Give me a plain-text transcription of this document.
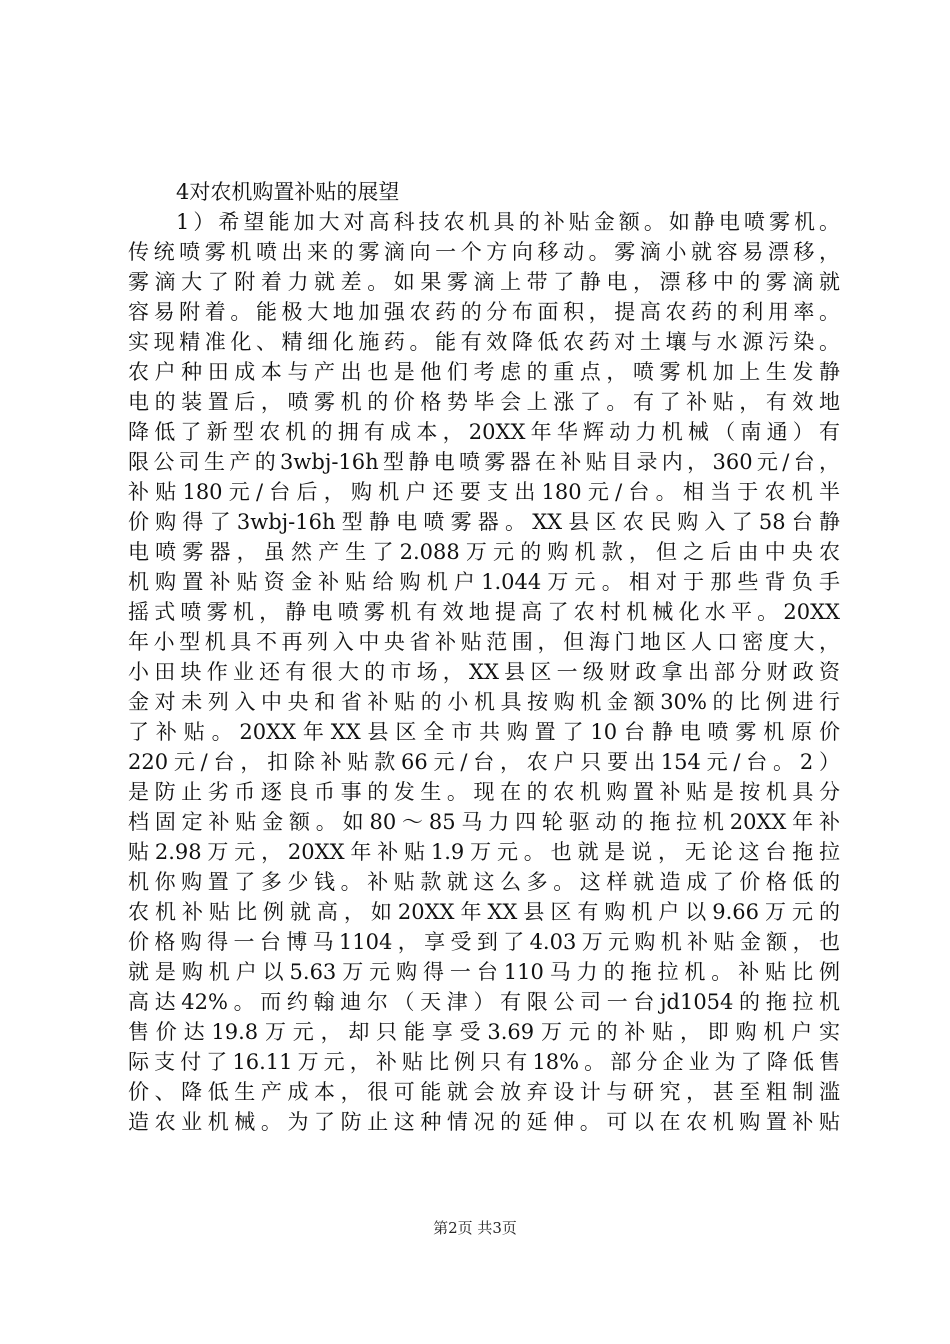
4对农机购置补贴的展望
1）希望能加大对高科技农机具的补贴金额。如静电喷雾机。
传统喷雾机喷出来的雾滴向一个方向移动。雾滴小就容易漂移，
雾滴大了附着力就差。如果雾滴上带了静电，漂移中的雾滴就
容易附着。能极大地加强农药的分布面积，提高农药的利用率。
实现精准化、精细化施药。能有效降低农药对土壤与水源污染。
农户种田成本与产出也是他们考虑的重点，喷雾机加上生发静
电的装置后，喷雾机的价格势毕会上涨了。有了补贴，有效地
降低了新型农机的拥有成本，20XX年华辉动力机械（南通）有
限公司生产的3wbj-16h型静电喷雾器在补贴目录内，360元/台，
补贴180元/台后，购机户还要支出180元/台。相当于农机半
价购得了3wbj-16h型静电喷雾器。XX县区农民购入了58台静
电喷雾器，虽然产生了2.088万元的购机款，但之后由中央农
机购置补贴资金补贴给购机户1.044万元。相对于那些背负手
摇式喷雾机，静电喷雾机有效地提高了农村机械化水平。20XX
年小型机具不再列入中央省补贴范围，但海门地区人口密度大，
小田块作业还有很大的市场，XX县区一级财政拿出部分财政资
金对未列入中央和省补贴的小机具按购机金额30%的比例进行
了补贴。20XX年XX县区全市共购置了10台静电喷雾机原价
220元/台，扣除补贴款66元/台，农户只要出154元/台。2）
是防止劣币逐良币事的发生。现在的农机购置补贴是按机具分
档固定补贴金额。如80～85马力四轮驱动的拖拉机20XX年补
贴2.98万元，20XX年补贴1.9万元。也就是说，无论这台拖拉
机你购置了多少钱。补贴款就这么多。这样就造成了价格低的
农机补贴比例就高，如20XX年XX县区有购机户以9.66万元的
价格购得一台博马1104，享受到了4.03万元购机补贴金额，也
就是购机户以5.63万元购得一台110马力的拖拉机。补贴比例
高达42%。而约翰迪尔（天津）有限公司一台jd1054的拖拉机
售价达19.8万元，却只能享受3.69万元的补贴，即购机户实
际支付了16.11万元，补贴比例只有18%。部分企业为了降低售
价、降低生产成本，很可能就会放弃设计与研究，甚至粗制滥
造农业机械。为了防止这种情况的延伸。可以在农机购置补贴
第2页 共3页
